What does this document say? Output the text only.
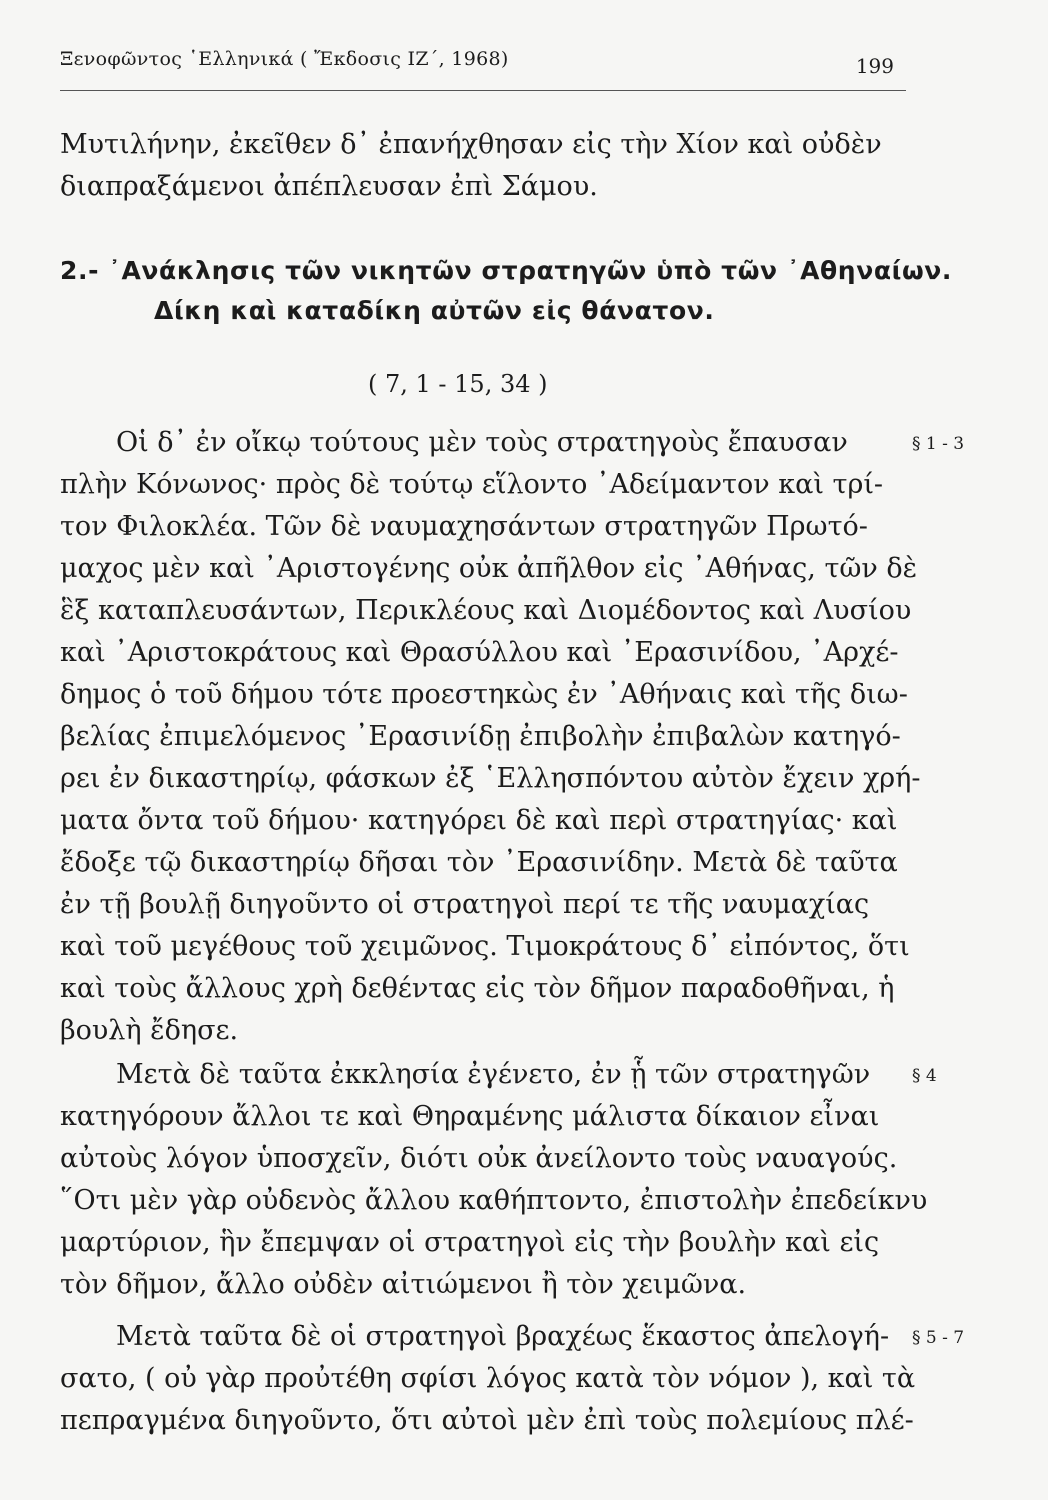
Ξενοφῶντος ῾Ελληνικά ( Ἔκδοσις ΙΖ΄, 1968)	199
Μυτιλήνην, ἐκεῖθεν δ᾽ ἐπανήχθησαν εἰς τὴν Χίον καὶ οὐδὲν
διαπραξάμενοι ἀπέπλευσαν ἐπὶ Σάμου.
2.- ᾽Ανάκλησις τῶν νικητῶν στρατηγῶν ὑπὸ τῶν ᾽Αθηναίων.
Δίκη καὶ καταδίκη αὐτῶν εἰς θάνατον.
( 7, 1 - 15, 34 )
Οἱ δ᾽ ἐν οἴκῳ τούτους μὲν τοὺς στρατηγοὺς ἔπαυσαν
πλὴν Κόνωνος· πρὸς δὲ τούτῳ εἵλοντο ᾽Αδείμαντον καὶ τρί-
τον Φιλοκλέα. Τῶν δὲ ναυμαχησάντων στρατηγῶν Πρωτό-
μαχος μὲν καὶ ᾽Αριστογένης οὐκ ἀπῆλθον εἰς ᾽Αθήνας, τῶν δὲ
ἓξ καταπλευσάντων, Περικλέους καὶ Διομέδοντος καὶ Λυσίου
καὶ ᾽Αριστοκράτους καὶ Θρασύλλου καὶ ᾽Ερασινίδου, ᾽Αρχέ-
δημος ὁ τοῦ δήμου τότε προεστηκὼς ἐν ᾽Αθήναις καὶ τῆς διω-
βελίας ἐπιμελόμενος ᾽Ερασινίδῃ ἐπιβολὴν ἐπιβαλὼν κατηγό-
ρει ἐν δικαστηρίῳ, φάσκων ἐξ ῾Ελλησπόντου αὐτὸν ἔχειν χρή-
ματα ὄντα τοῦ δήμου· κατηγόρει δὲ καὶ περὶ στρατηγίας· καὶ
ἔδοξε τῷ δικαστηρίῳ δῆσαι τὸν ᾽Ερασινίδην. Μετὰ δὲ ταῦτα
ἐν τῇ βουλῇ διηγοῦντο οἱ στρατηγοὶ περί τε τῆς ναυμαχίας
καὶ τοῦ μεγέθους τοῦ χειμῶνος. Τιμοκράτους δ᾽ εἰπόντος, ὅτι
καὶ τοὺς ἄλλους χρὴ δεθέντας εἰς τὸν δῆμον παραδοθῆναι, ἡ
βουλὴ ἔδησε.
Μετὰ δὲ ταῦτα ἐκκλησία ἐγένετο, ἐν ᾗ τῶν στρατηγῶν
κατηγόρουν ἄλλοι τε καὶ Θηραμένης μάλιστα δίκαιον εἶναι
αὐτοὺς λόγον ὑποσχεῖν, διότι οὐκ ἀνείλοντο τοὺς ναυαγούς.
῞Οτι μὲν γὰρ οὐδενὸς ἄλλου καθήπτοντο, ἐπιστολὴν ἐπεδείκνυ
μαρτύριον, ἣν ἔπεμψαν οἱ στρατηγοὶ εἰς τὴν βουλὴν καὶ εἰς
τὸν δῆμον, ἄλλο οὐδὲν αἰτιώμενοι ἢ τὸν χειμῶνα.
Μετὰ ταῦτα δὲ οἱ στρατηγοὶ βραχέως ἕκαστος ἀπελογή-
σατο, ( οὐ γὰρ προὐτέθη σφίσι λόγος κατὰ τὸν νόμον ), καὶ τὰ
πεπραγμένα διηγοῦντο, ὅτι αὐτοὶ μὲν ἐπὶ τοὺς πολεμίους πλέ-
§ 1 - 3
§ 4
§ 5 - 7
